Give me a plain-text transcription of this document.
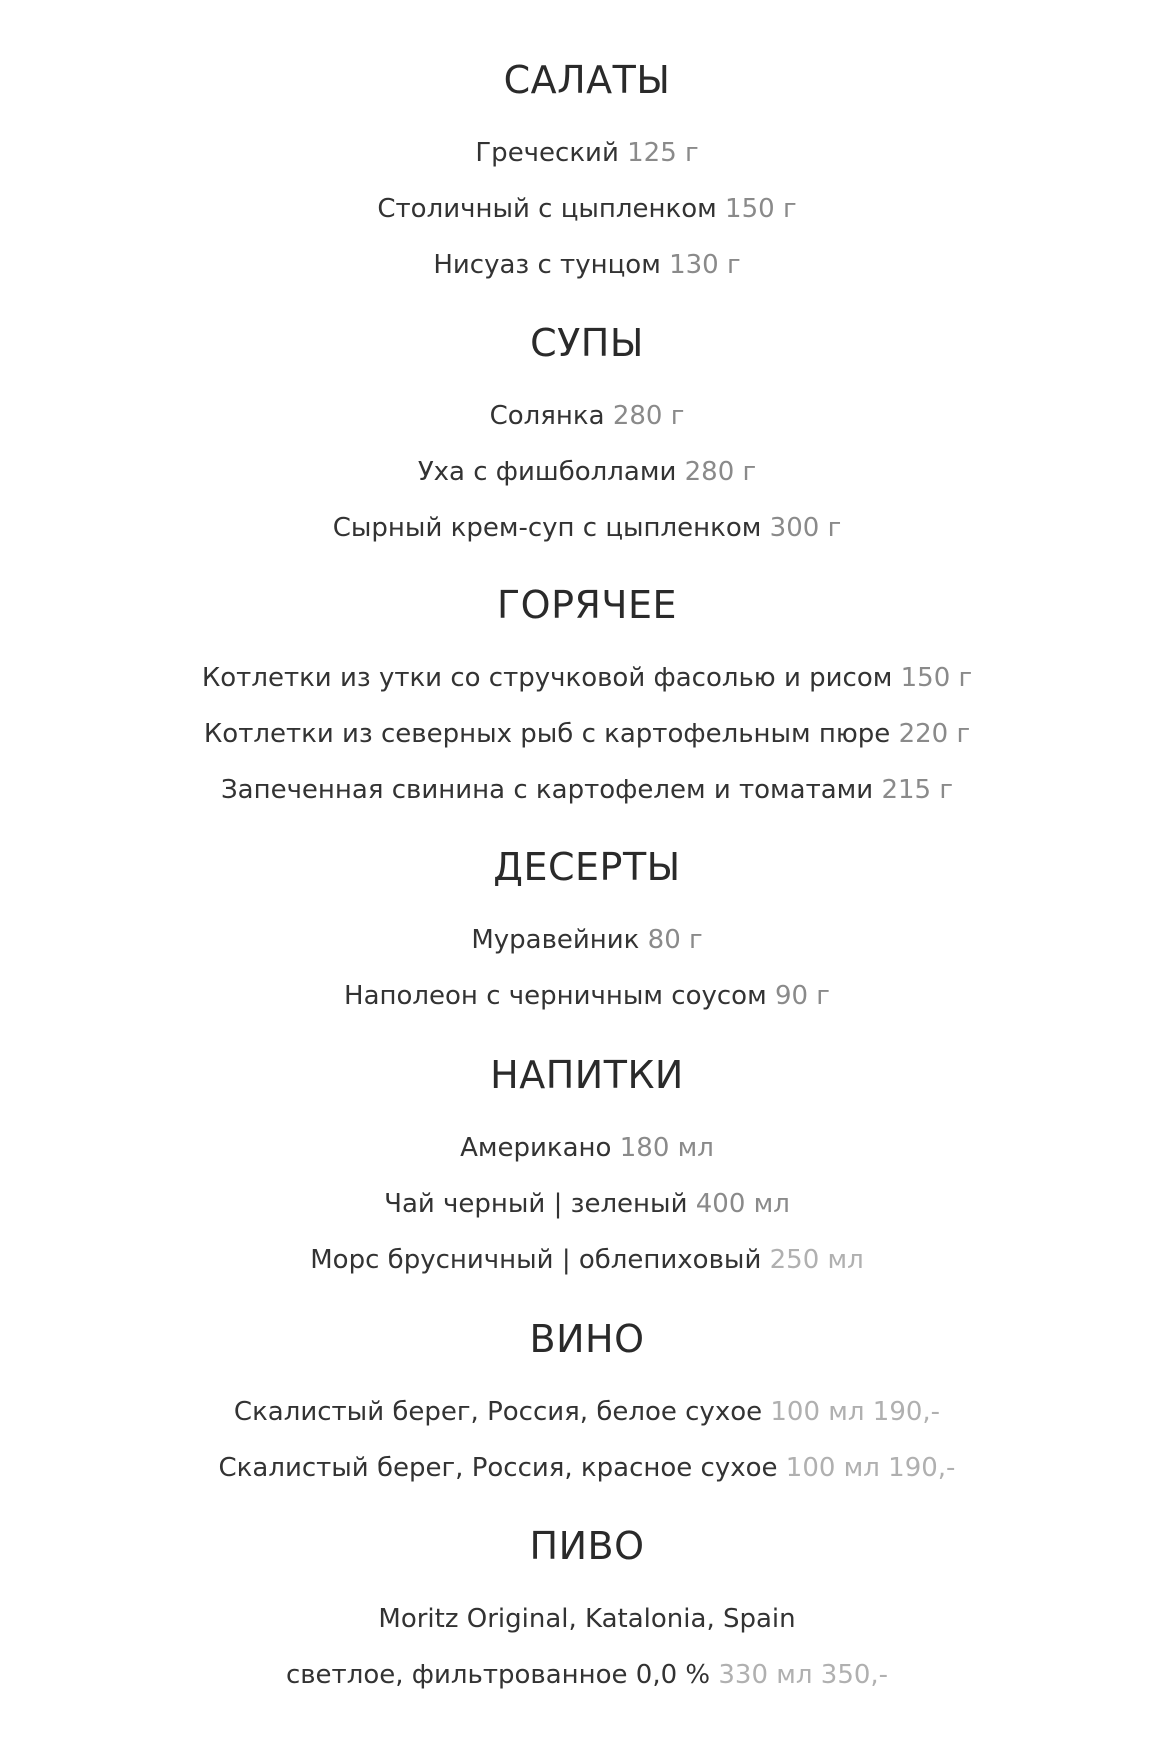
САЛАТЫ
Греческий 125 г
Столичный с цыпленком 150 г
Нисуаз с тунцом 130 г
СУПЫ
Солянка 280 г
Уха с фишболлами 280 г
Сырный крем-суп с цыпленком 300 г
ГОРЯЧЕЕ
Котлетки из утки со стручковой фасолью и рисом 150 г
Котлетки из северных рыб с картофельным пюре 220 г
Запеченная свинина с картофелем и томатами 215 г
ДЕСЕРТЫ
Муравейник 80 г
Наполеон с черничным соусом 90 г
НАПИТКИ
Американо 180 мл
Чай черный | зеленый 400 мл
Морс брусничный | облепиховый 250 мл
ВИНО
Скалистый берег, Россия, белое сухое 100 мл 190,-
Скалистый берег, Россия, красное сухое 100 мл 190,-
ПИВО
Moritz Original, Katalonia, Spain
светлое, фильтрованное 0,0 % 330 мл 350,-
